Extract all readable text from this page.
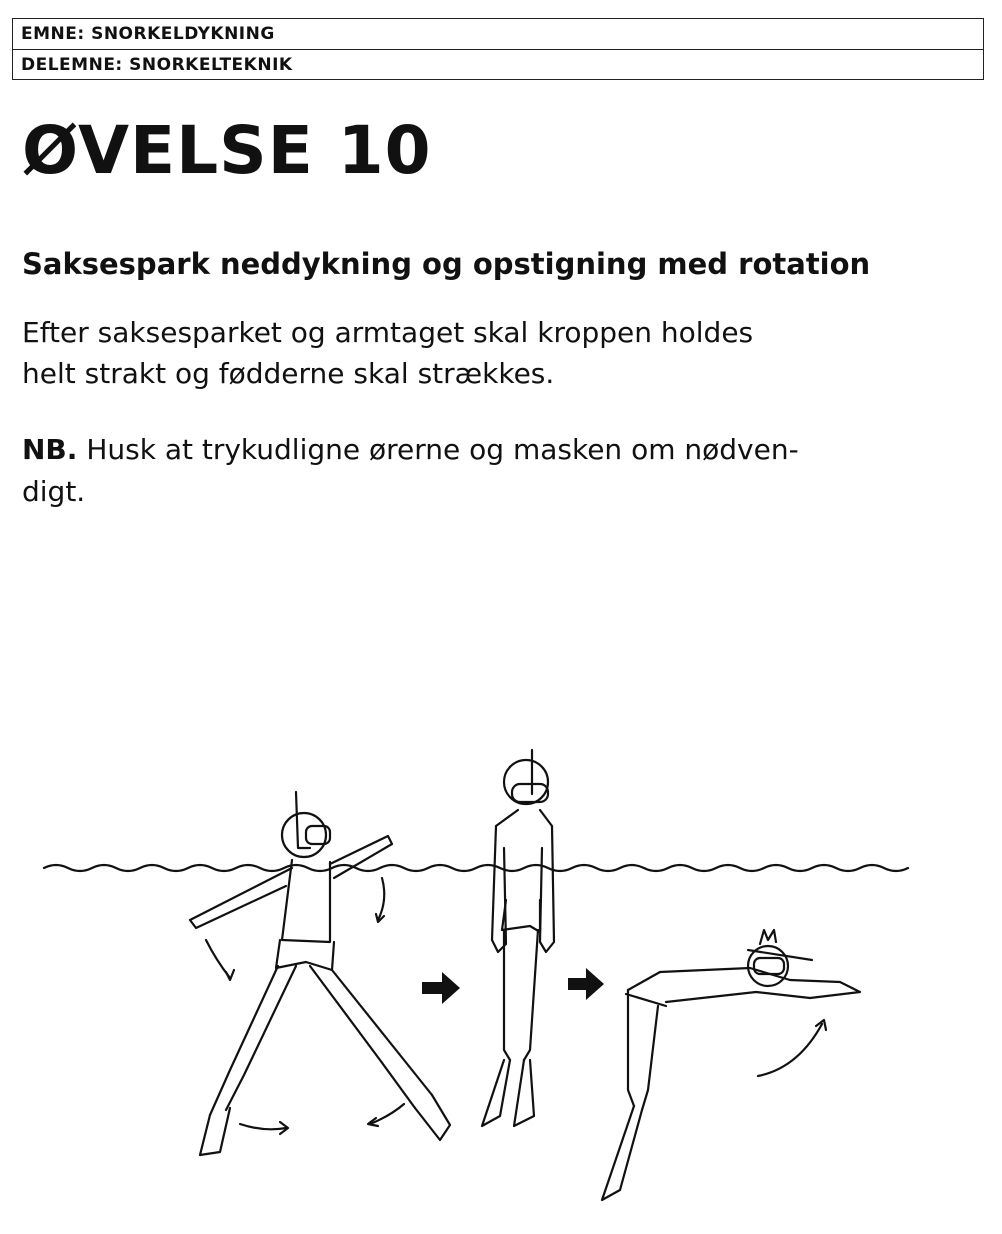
EMNE: SNORKELDYKNING
DELEMNE: SNORKELTEKNIK
ØVELSE 10
Saksespark neddykning og opstigning med rotation

Efter saksesparket og armtaget skal kroppen holdes
helt strakt og fødderne skal strækkes.

NB. Husk at trykudligne ørerne og masken om nødven-
digt.
